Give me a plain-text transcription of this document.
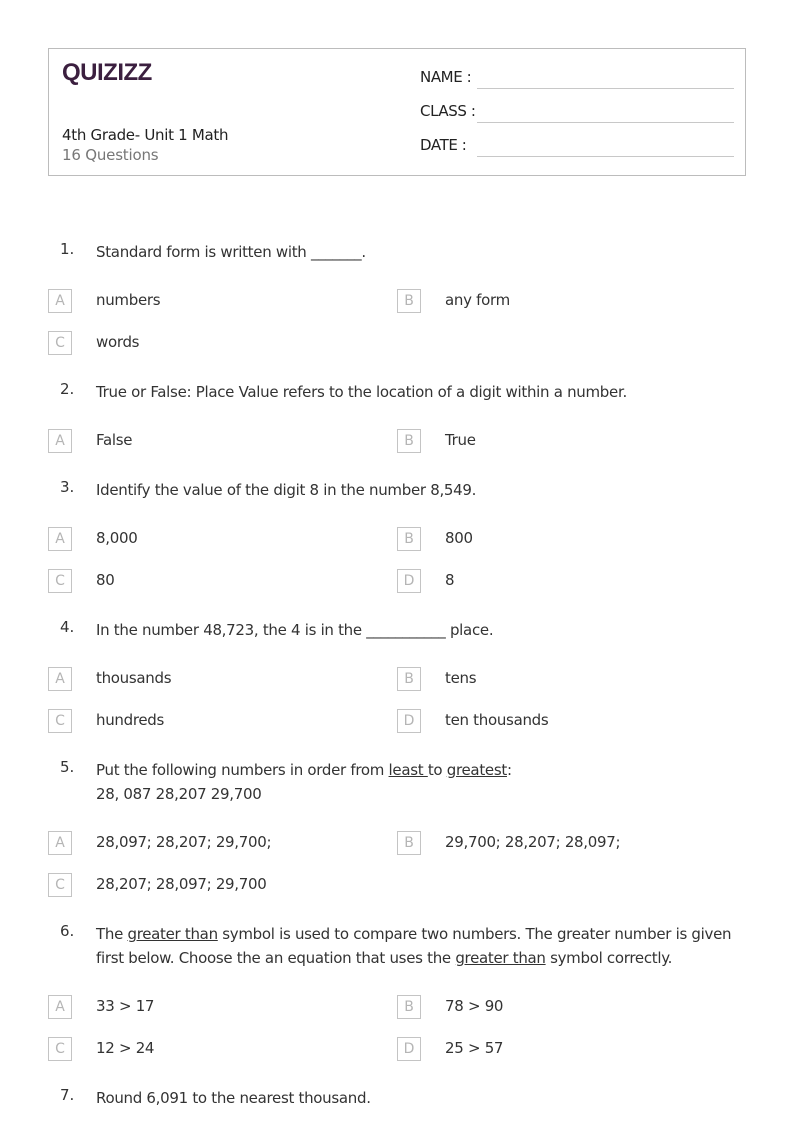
QUIZIZZ
4th Grade- Unit 1 Math
16 Questions
NAME :
CLASS :
DATE :
1. Standard form is written with _______.
A	numbers	B	any form
C	words
2. True or False: Place Value refers to the location of a digit within a number.
A	False	B	True
3. Identify the value of the digit 8 in the number 8,549.
A	8,000	B	800
C	80	D	8
4. In the number 48,723, the 4 is in the ___________ place.
A	thousands	B	tens
C	hundreds	D	ten thousands
5. Put the following numbers in order from least to greatest:
28, 087 28,207 29,700
A	28,097; 28,207; 29,700;	B	29,700; 28,207; 28,097;
C	28,207; 28,097; 29,700
6. The greater than symbol is used to compare two numbers. The greater number is given first below. Choose the an equation that uses the greater than symbol correctly.
A	33 > 17	B	78 > 90
C	12 > 24	D	25 > 57
7. Round 6,091 to the nearest thousand.
